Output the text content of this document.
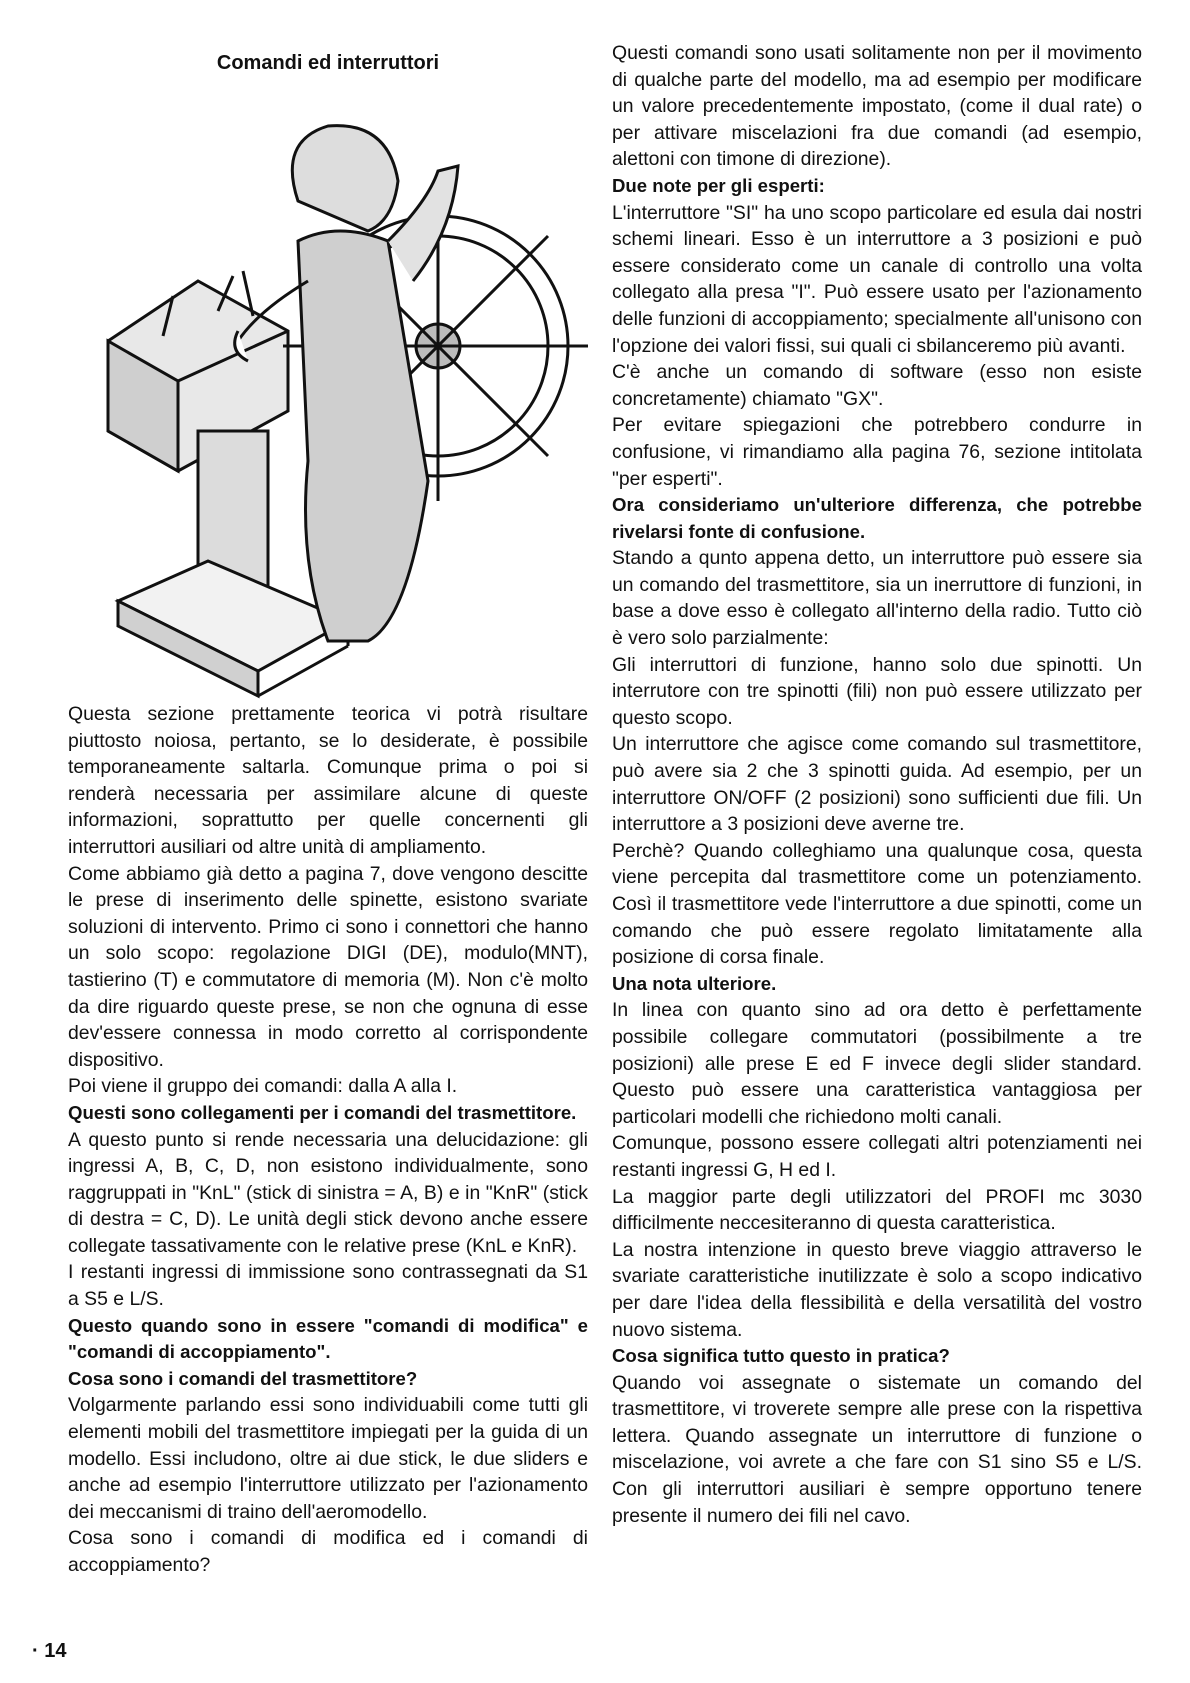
Comandi ed interruttori

Questa sezione prettamente teorica vi potrà risultare piuttosto noiosa, pertanto, se lo desiderate, è possibile temporaneamente saltarla. Comunque prima o poi si renderà necessaria per assimilare alcune di queste informazioni, soprattutto per quelle concernenti gli interruttori ausiliari od altre unità di ampliamento.

Come abbiamo già detto a pagina 7, dove vengono descitte le prese di inserimento delle spinette, esistono svariate soluzioni di intervento. Primo ci sono i connettori che hanno un solo scopo: regolazione DIGI (DE), modulo(MNT), tastierino (T) e commutatore di memoria (M). Non c'è molto da dire riguardo queste prese, se non che ognuna di esse dev'essere connessa in modo corretto al corrispondente dispositivo.

Poi viene il gruppo dei comandi: dalla A alla I.

Questi sono collegamenti per i comandi del trasmettitore.

A questo punto si rende necessaria una delucidazione: gli ingressi A, B, C, D, non esistono individualmente, sono raggruppati in "KnL" (stick di sinistra = A, B) e in "KnR" (stick di destra = C, D). Le unità degli stick devono anche essere collegate tassativamente con le relative prese (KnL e KnR).

I restanti ingressi di immissione sono contrassegnati da S1 a S5 e L/S.

Questo quando sono in essere "comandi di modifica" e "comandi di accoppiamento".

Cosa sono i comandi del trasmettitore?

Volgarmente parlando essi sono individuabili come tutti gli elementi mobili del trasmettitore impiegati per la guida di un modello. Essi includono, oltre ai due stick, le due sliders e anche ad esempio l'interruttore utilizzato per l'azionamento dei meccanismi di traino dell'aeromodello.

Cosa sono i comandi di modifica ed i comandi di accoppiamento?

Questi comandi sono usati solitamente non per il movimento di qualche parte del modello, ma ad esempio per modificare un valore precedentemente impostato, (come il dual rate) o per attivare miscelazioni fra due comandi (ad esempio, alettoni con timone di direzione).

Due note per gli esperti:

L'interruttore "SI" ha uno scopo particolare ed esula dai nostri schemi lineari. Esso è un interruttore a 3 posizioni e può essere considerato come un canale di controllo una volta collegato alla presa "I". Può essere usato per l'azionamento delle funzioni di accoppiamento; specialmente all'unisono con l'opzione dei valori fissi, sui quali ci sbilanceremo più avanti.

C'è anche un comando di software (esso non esiste concretamente) chiamato "GX".

Per evitare spiegazioni che potrebbero condurre in confusione, vi rimandiamo alla pagina 76, sezione intitolata "per esperti".

Ora consideriamo un'ulteriore differenza, che potrebbe rivelarsi fonte di confusione.

Stando a qunto appena detto, un interruttore può essere sia un comando del trasmettitore, sia un inerruttore di funzioni, in base a dove esso è collegato all'interno della radio. Tutto ciò è vero solo parzialmente:

Gli interruttori di funzione, hanno solo due spinotti. Un interrutore con tre spinotti (fili) non può essere utilizzato per questo scopo.

Un interruttore che agisce come comando sul trasmettitore, può avere sia 2 che 3 spinotti guida. Ad esempio, per un interruttore ON/OFF (2 posizioni) sono sufficienti due fili. Un interruttore a 3 posizioni deve averne tre.

Perchè? Quando colleghiamo una qualunque cosa, questa viene percepita dal trasmettitore come un potenziamento. Così il trasmettitore vede l'interruttore a due spinotti, come un comando che può essere regolato limitatamente alla posizione di corsa finale.

Una nota ulteriore.

In linea con quanto sino ad ora detto è perfettamente possibile collegare commutatori (possibilmente a tre posizioni) alle prese E ed F invece degli slider standard. Questo può essere una caratteristica vantaggiosa per particolari modelli che richiedono molti canali.

Comunque, possono essere collegati altri potenziamenti nei restanti ingressi G, H ed I.

La maggior parte degli utilizzatori del PROFI mc 3030 difficilmente neccesiteranno di questa caratteristica.

La nostra intenzione in questo breve viaggio attraverso le svariate caratteristiche inutilizzate è solo a scopo indicativo per dare l'idea della flessibilità e della versatilità del vostro nuovo sistema.

Cosa significa tutto questo in pratica?

Quando voi assegnate o sistemate un comando del trasmettitore, vi troverete sempre alle prese con la rispettiva lettera. Quando assegnate un interruttore di funzione o miscelazione, voi avrete a che fare con S1 sino S5 e L/S. Con gli interruttori ausiliari è sempre opportuno tenere presente il numero dei fili nel cavo.

· 14
